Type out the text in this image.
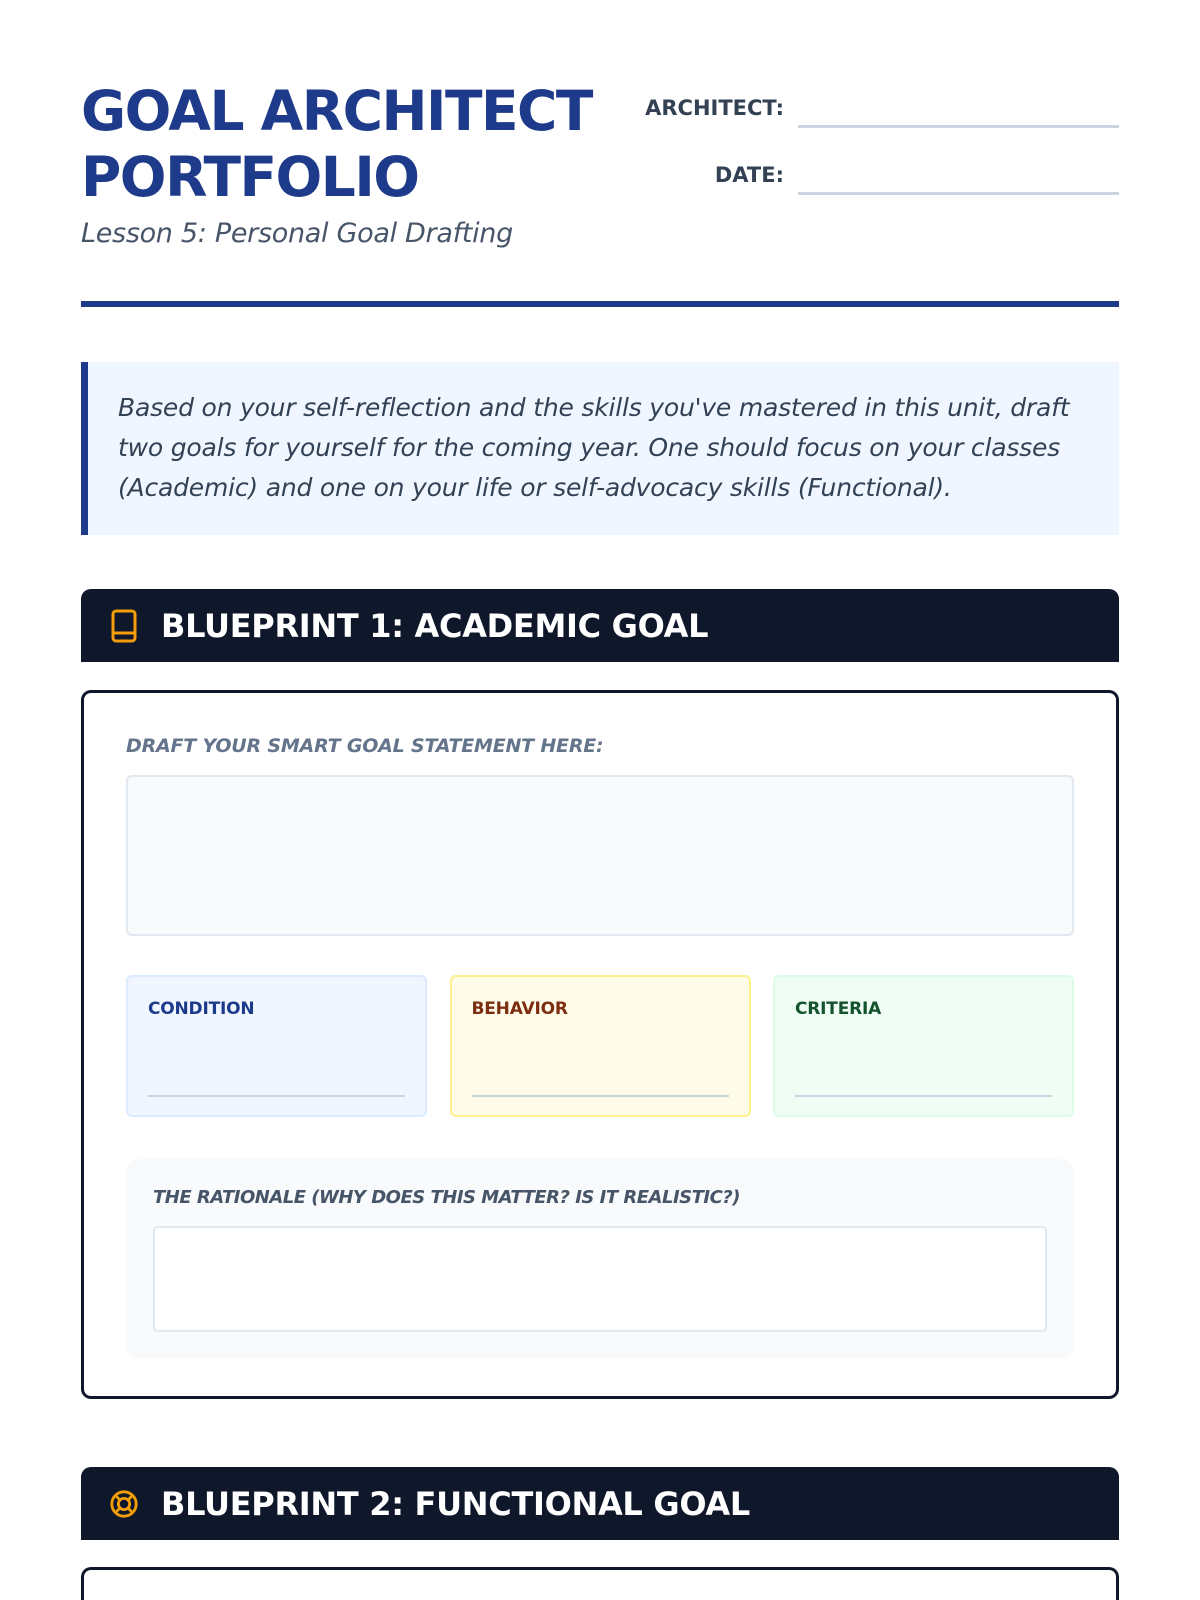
GOAL ARCHITECT
PORTFOLIO
Lesson 5: Personal Goal Drafting
ARCHITECT:
DATE:

Based on your self-reflection and the skills you've mastered in this unit, draft two goals for yourself for the coming year. One should focus on your classes (Academic) and one on your life or self-advocacy skills (Functional).

BLUEPRINT 1: ACADEMIC GOAL
DRAFT YOUR SMART GOAL STATEMENT HERE:
CONDITION	BEHAVIOR	CRITERIA
THE RATIONALE (WHY DOES THIS MATTER? IS IT REALISTIC?)
BLUEPRINT 2: FUNCTIONAL GOAL
